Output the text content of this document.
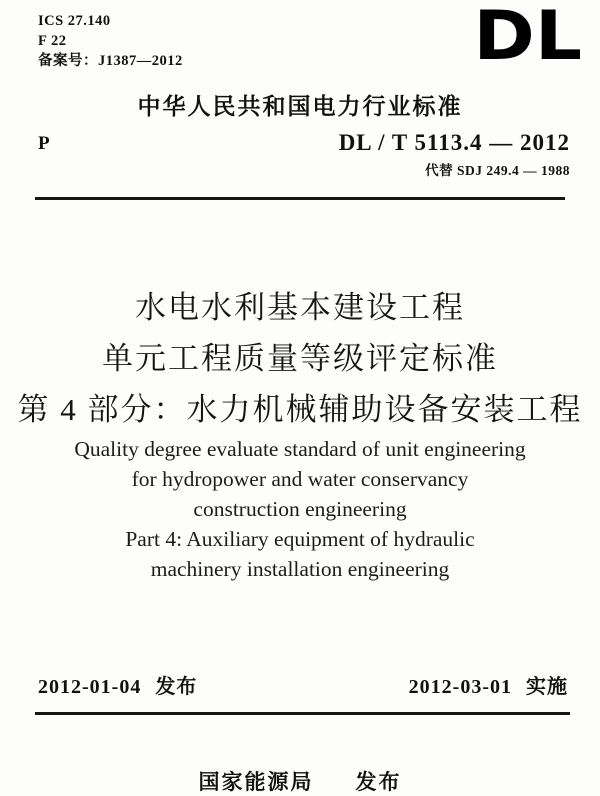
ICS 27.140
F 22
备案号：J1387—2012	DL
中华人民共和国电力行业标准
P	DL / T 5113.4 — 2012
代替 SDJ 249.4 — 1988
水电水利基本建设工程
单元工程质量等级评定标准
第 4 部分：水力机械辅助设备安装工程
Quality degree evaluate standard of unit engineering
for hydropower and water conservancy
construction engineering
Part 4: Auxiliary equipment of hydraulic
machinery installation engineering
2012-01-04 发布	2012-03-01 实施
国家能源局 发布
